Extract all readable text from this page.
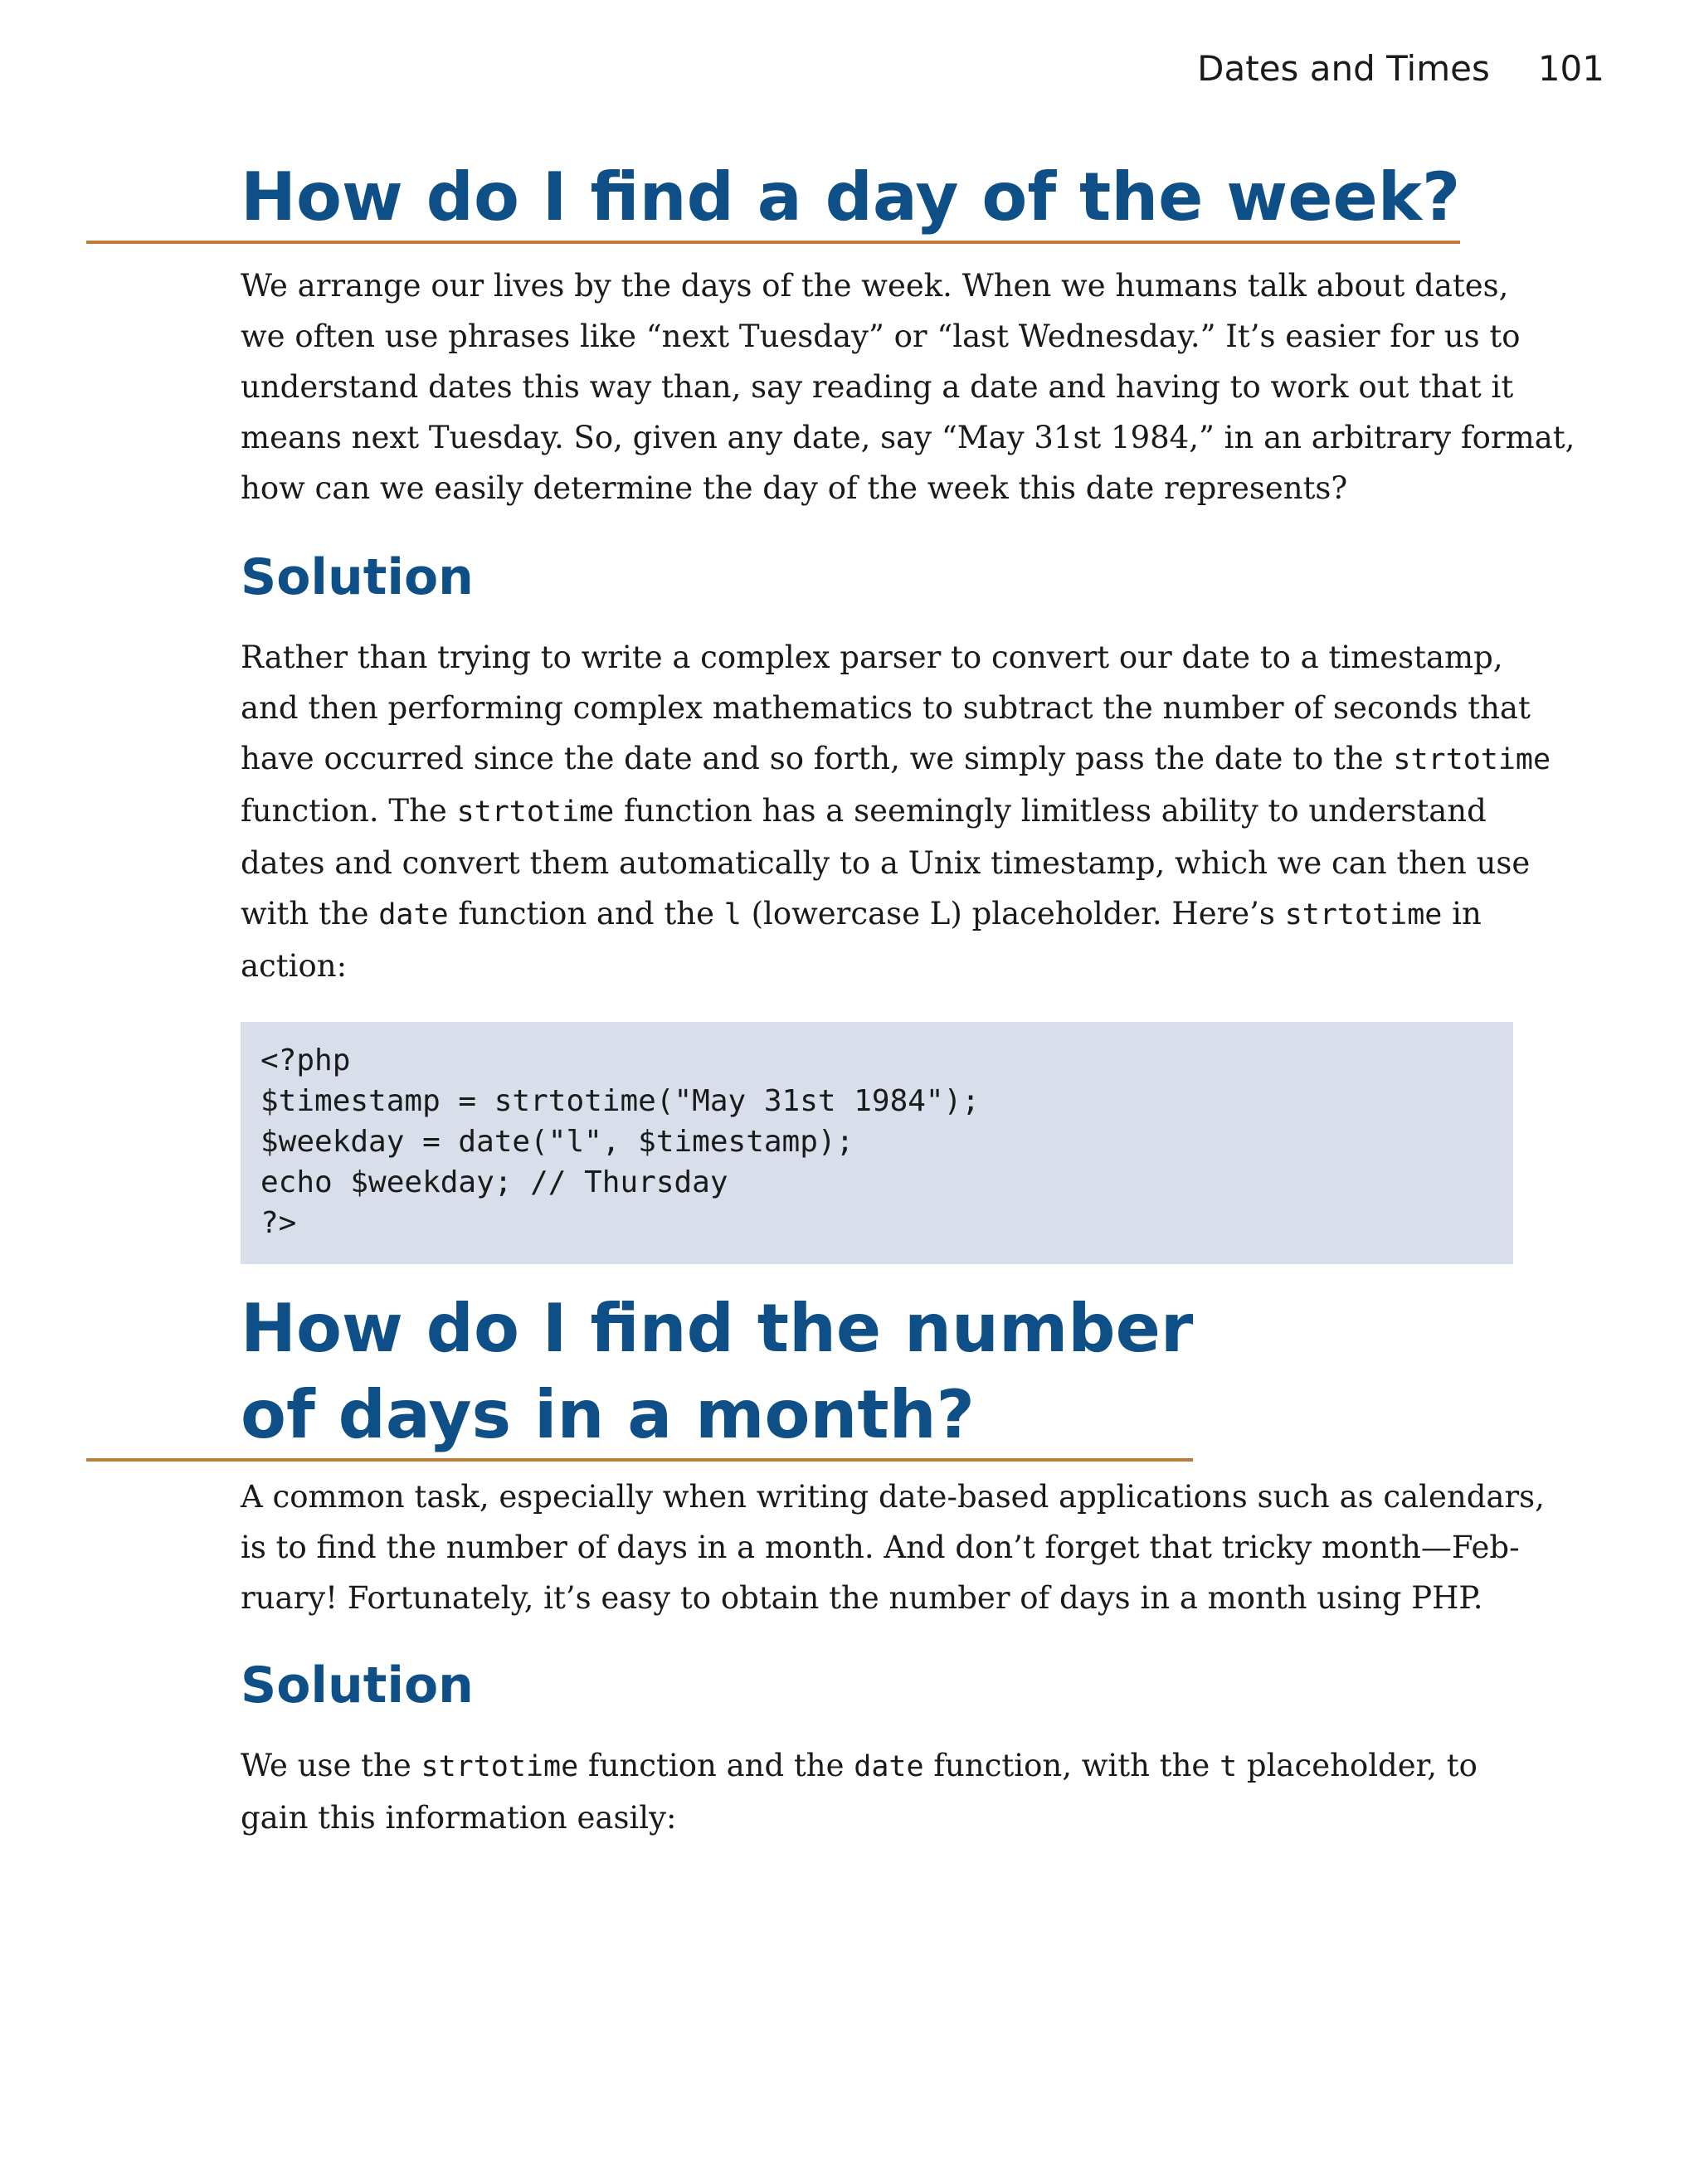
Dates and Times 101
How do I find a day of the week?
We arrange our lives by the days of the week. When we humans talk about dates,
we often use phrases like “next Tuesday” or “last Wednesday.” It’s easier for us to
understand dates this way than, say reading a date and having to work out that it
means next Tuesday. So, given any date, say “May 31st 1984,” in an arbitrary format,
how can we easily determine the day of the week this date represents?
Solution
Rather than trying to write a complex parser to convert our date to a timestamp,
and then performing complex mathematics to subtract the number of seconds that
have occurred since the date and so forth, we simply pass the date to the strtotime
function. The strtotime function has a seemingly limitless ability to understand
dates and convert them automatically to a Unix timestamp, which we can then use
with the date function and the l (lowercase L) placeholder. Here’s strtotime in
action:
<?php
$timestamp = strtotime("May 31st 1984");
$weekday = date("l", $timestamp);
echo $weekday; // Thursday
?>
How do I find the number
of days in a month?
A common task, especially when writing date-based applications such as calendars,
is to find the number of days in a month. And don’t forget that tricky month—Feb-
ruary! Fortunately, it’s easy to obtain the number of days in a month using PHP.
Solution
We use the strtotime function and the date function, with the t placeholder, to
gain this information easily:
